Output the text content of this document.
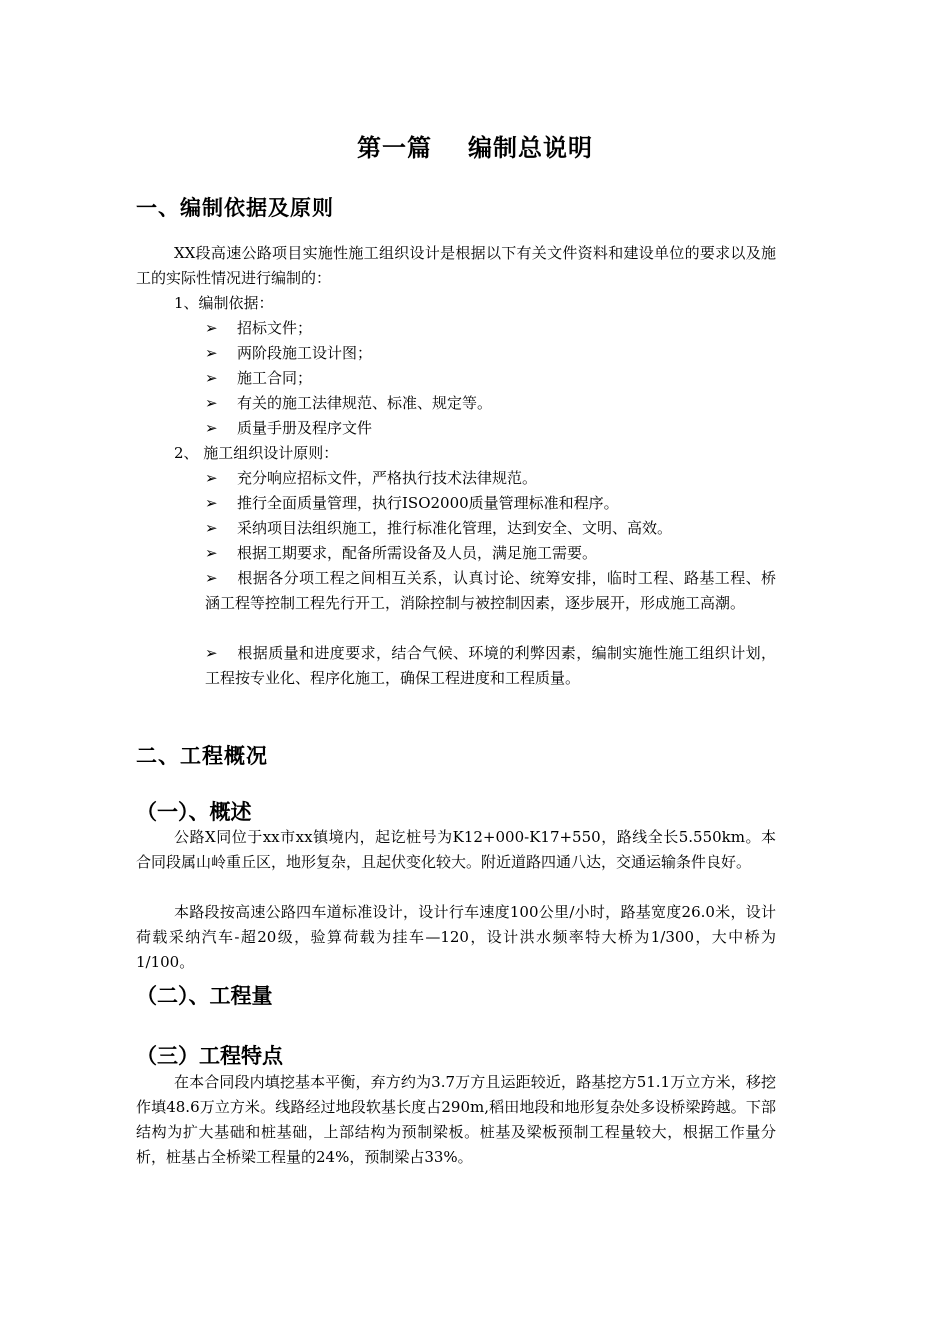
第一篇 编制总说明
一、编制依据及原则
XX段高速公路项目实施性施工组织设计是根据以下有关文件资料和建设单位的要求以及施工的实际性情况进行编制的：
1、编制依据：
➢ 招标文件；
➢ 两阶段施工设计图；
➢ 施工合同；
➢ 有关的施工法律规范、标准、规定等。
➢ 质量手册及程序文件
2、 施工组织设计原则：
➢ 充分响应招标文件，严格执行技术法律规范。
➢ 推行全面质量管理，执行ISO2000质量管理标准和程序。
➢ 采纳项目法组织施工，推行标准化管理，达到安全、文明、高效。
➢ 根据工期要求，配备所需设备及人员，满足施工需要。
➢ 根据各分项工程之间相互关系，认真讨论、统筹安排，临时工程、路基工程、桥涵工程等控制工程先行开工，消除控制与被控制因素，逐步展开，形成施工高潮。
➢ 根据质量和进度要求，结合气候、环境的利弊因素，编制实施性施工组织计划，工程按专业化、程序化施工，确保工程进度和工程质量。
二、工程概况
（一）、概述
公路X同位于xx市xx镇境内，起讫桩号为K12+000-K17+550，路线全长5.550km。本合同段属山岭重丘区，地形复杂，且起伏变化较大。附近道路四通八达，交通运输条件良好。
本路段按高速公路四车道标准设计，设计行车速度100公里/小时，路基宽度26.0米，设计荷载采纳汽车-超20级，验算荷载为挂车—120，设计洪水频率特大桥为1/300，大中桥为1/100。
（二）、工程量
（三）工程特点
在本合同段内填挖基本平衡，弃方约为3.7万方且运距较近，路基挖方51.1万立方米，移挖作填48.6万立方米。线路经过地段软基长度占290m,稻田地段和地形复杂处多设桥梁跨越。下部结构为扩大基础和桩基础，上部结构为预制梁板。桩基及梁板预制工程量较大，根据工作量分析，桩基占全桥梁工程量的24%，预制梁占33%。
